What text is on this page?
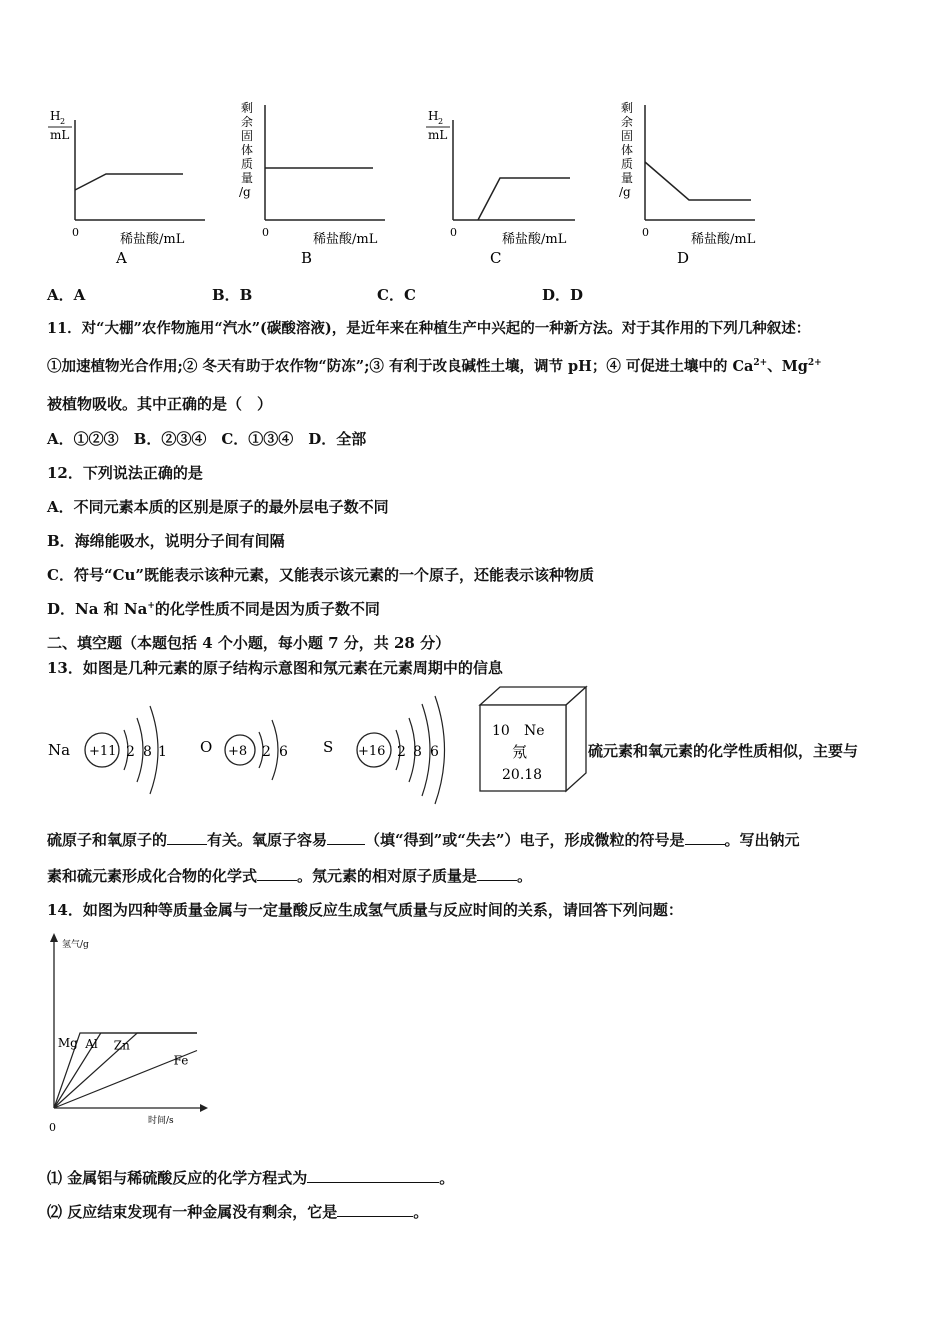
H 2
mL
0	稀盐酸/mL
A
剩
余
固
体
质
量
/g
0	稀盐酸/mL
B
H 2
mL
0	稀盐酸/mL
C
剩
余
固
体
质
量
/g
0	稀盐酸/mL
D
A．A	B．B	C．C	D．D
11．对“大棚”农作物施用“汽水”(碳酸溶液)，是近年来在种植生产中兴起的一种新方法。对于其作用的下列几种叙述：
①加速植物光合作用;② 冬天有助于农作物“防冻”;③ 有利于改良碱性土壤，调节 pH；④ 可促进土壤中的 $Ca^{2+}$、$Mg^{2+}$
被植物吸收。其中正确的是（　）
A．①②③　B．②③④　C．①③④　D．全部
12．下列说法正确的是
A．不同元素本质的区别是原子的最外层电子数不同
B．海绵能吸水，说明分子间有间隔
C．符号“Cu”既能表示该种元素，又能表示该元素的一个原子，还能表示该种物质
D．Na 和 Na+的化学性质不同是因为质子数不同
二、填空题（本题包括 4 个小题，每小题 7 分，共 28 分）
13．如图是几种元素的原子结构示意图和氖元素在元素周期中的信息
Na +11 2 8 1 O +8 2 6 S +16 2 8 6
10 Ne
氖
20.18
硫元素和氧元素的化学性质相似，主要与
硫原子和氧原子的	有关。氧原子容易	（填“得到”或“失去”）电子，形成微粒的符号是	。写出钠元
素和硫元素形成化合物的化学式	。氖元素的相对原子质量是	。
14．如图为四种等质量金属与一定量酸反应生成氢气质量与反应时间的关系，请回答下列问题：
氢气/g
时间/s
0
Mg Al Zn
Fe
⑴ 金属铝与稀硫酸反应的化学方程式为	。
⑵ 反应结束发现有一种金属没有剩余，它是	。
